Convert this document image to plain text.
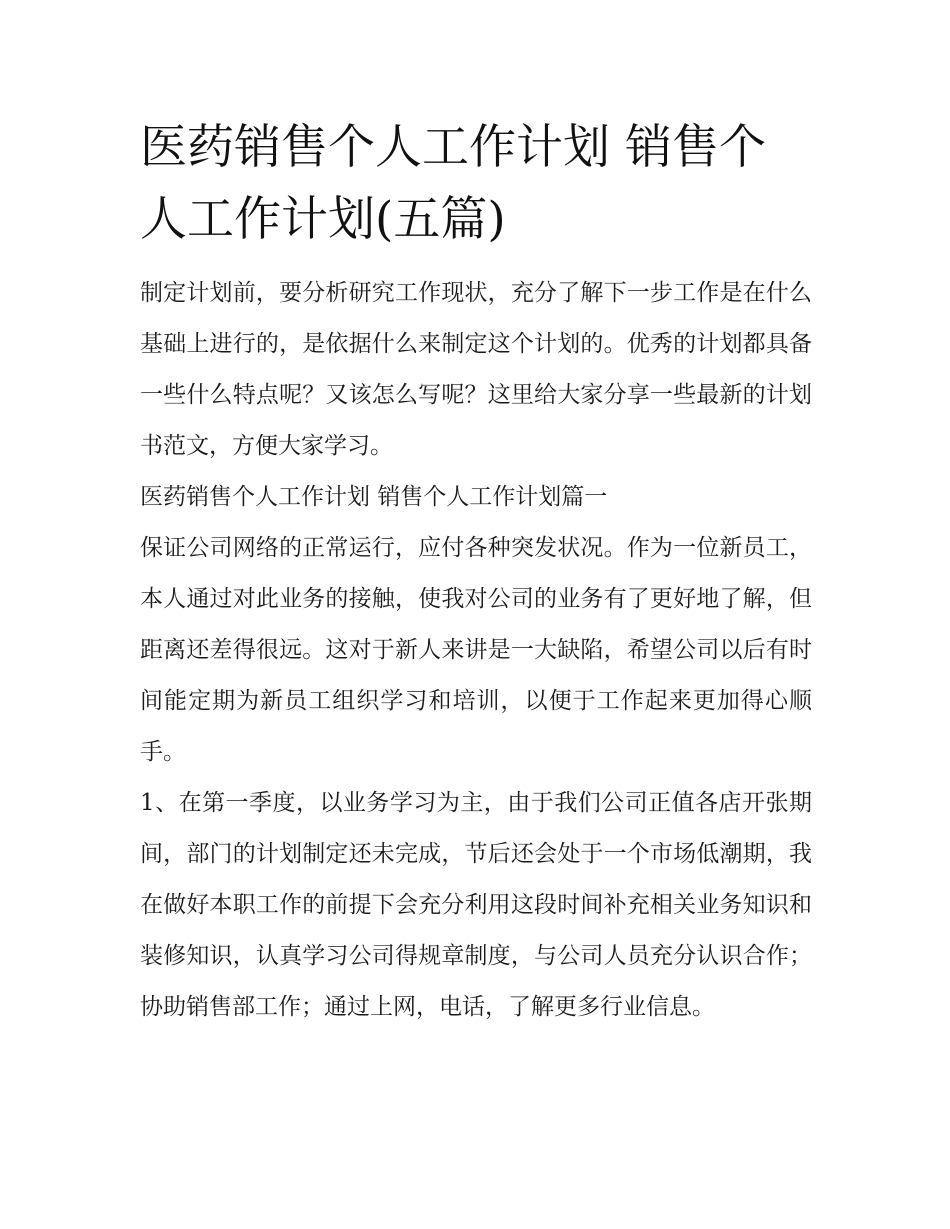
医药销售个人工作计划 销售个人工作计划(五篇)

制定计划前，要分析研究工作现状，充分了解下一步工作是在什么基础上进行的，是依据什么来制定这个计划的。优秀的计划都具备一些什么特点呢？又该怎么写呢？这里给大家分享一些最新的计划书范文，方便大家学习。

医药销售个人工作计划 销售个人工作计划篇一

保证公司网络的正常运行，应付各种突发状况。作为一位新员工，本人通过对此业务的接触，使我对公司的业务有了更好地了解，但距离还差得很远。这对于新人来讲是一大缺陷，希望公司以后有时间能定期为新员工组织学习和培训，以便于工作起来更加得心顺手。

1、在第一季度，以业务学习为主，由于我们公司正值各店开张期间，部门的计划制定还未完成，节后还会处于一个市场低潮期，我在做好本职工作的前提下会充分利用这段时间补充相关业务知识和装修知识，认真学习公司得规章制度，与公司人员充分认识合作；协助销售部工作；通过上网，电话，了解更多行业信息。
